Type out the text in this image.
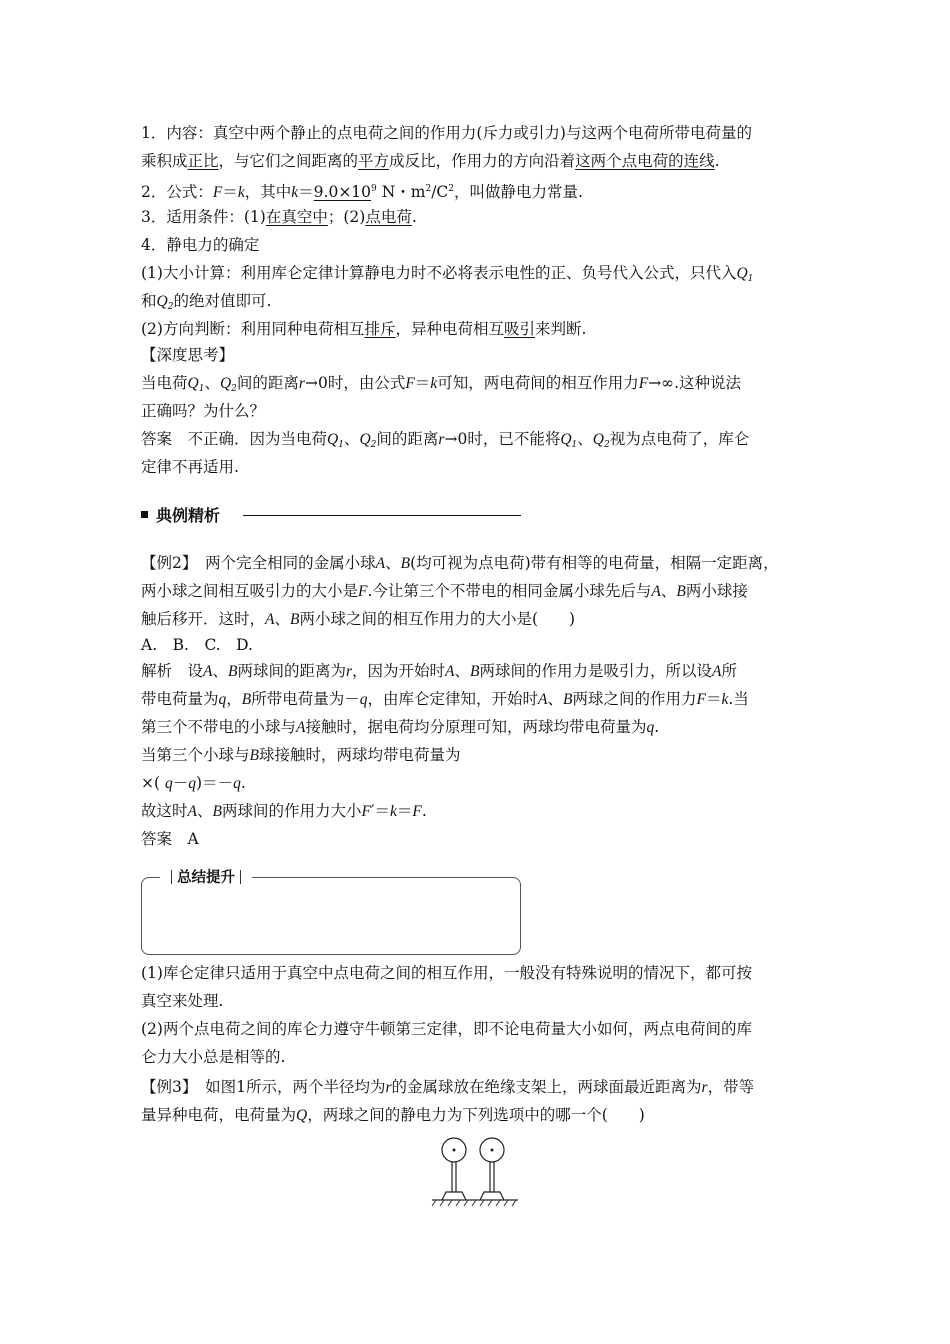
1．内容：真空中两个静止的点电荷之间的作用力(斥力或引力)与这两个电荷所带电荷量的
乘积成正比，与它们之间距离的平方成反比，作用力的方向沿着这两个点电荷的连线.
2．公式：F＝k，其中$k=9.0\times 10^9$ N・$m^2/C^2$，叫做静电力常量.
3．适用条件：(1)在真空中；(2)点电荷.
4．静电力的确定
(1)大小计算：利用库仑定律计算静电力时不必将表示电性的正、负号代入公式，只代入$Q_1$
和$Q_2$的绝对值即可.
(2)方向判断：利用同种电荷相互排斥，异种电荷相互吸引来判断.
【深度思考】
当电荷$Q_1$、$Q_2$间的距离r→0时，由公式F＝k可知，两电荷间的相互作用力F→∞.这种说法
正确吗？为什么？
答案　不正确．因为当电荷$Q_1$、$Q_2$间的距离r→0时，已不能将$Q_1$、$Q_2$视为点电荷了，库仑
定律不再适用.
典例精析
【例2】　两个完全相同的金属小球A、B(均可视为点电荷)带有相等的电荷量，相隔一定距离，
两小球之间相互吸引力的大小是F.今让第三个不带电的相同金属小球先后与A、B两小球接
触后移开．这时，A、B两小球之间的相互作用力的大小是(　　)
A.　B.　C.　D.
解析　设A、B两球间的距离为r，因为开始时A、B两球间的作用力是吸引力，所以设A所
带电荷量为q，B所带电荷量为－q，由库仑定律知，开始时A、B两球之间的作用力F＝k.当
第三个不带电的小球与A接触时，据电荷均分原理可知，两球均带电荷量为q.
当第三个小球与B球接触时，两球均带电荷量为
×( q－q)＝－q.
故这时A、B两球间的作用力大小F′＝k＝F.
答案　A
总结提升
(1)库仑定律只适用于真空中点电荷之间的相互作用，一般没有特殊说明的情况下，都可按
真空来处理.
(2)两个点电荷之间的库仑力遵守牛顿第三定律，即不论电荷量大小如何，两点电荷间的库
仑力大小总是相等的.
【例3】　如图1所示，两个半径均为r的金属球放在绝缘支架上，两球面最近距离为r，带等
量异种电荷，电荷量为Q，两球之间的静电力为下列选项中的哪一个(　　)
